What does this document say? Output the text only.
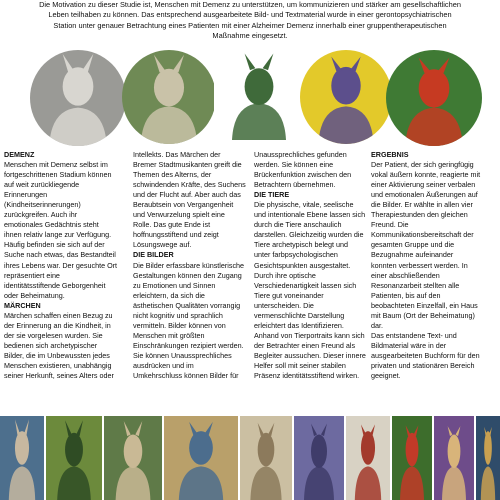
Die Motivation zu dieser Studie ist, Menschen mit Demenz zu unterstützen, um kommunizieren und stärker am gesellschaftlichen
Leben teilhaben zu können. Das entsprechend ausgearbeitete Bild- und Textmaterial wurde in einer gerontopsychiatrischen
Station unter genauer Betrachtung eines Patienten mit einer Alzheimer Demenz innerhalb einer gruppentherapeutischen
Maßnahme eingesetzt.

DEMENZ

Menschen mit Demenz selbst im

fortgeschrittenen Stadium können

auf weit zurückliegende

Erinnerungen

(Kindheitserinnerungen)

zurückgreifen. Auch ihr

emotionales Gedächtnis steht

ihnen relativ lange zur Verfügung.

Häufig befinden sie sich auf der

Suche nach etwas, das Bestandteil

ihres Lebens war. Der gesuchte Ort

repräsentiert eine

identitätsstiftende Geborgenheit

oder Beheimatung.

MÄRCHEN

Märchen schaffen einen Bezug zu

der Erinnerung an die Kindheit, in

der sie vorgelesen wurden. Sie

bedienen sich archetypischer

Bilder, die im Unbewussten jedes

Menschen existieren, unabhängig

seiner Herkunft, seines Alters oder

Intellekts. Das Märchen der

Bremer Stadtmusikanten greift die

Themen des Alterns, der

schwindenden Kräfte, des Suchens

und der Flucht auf. Aber auch das

Beraubtsein von Vergangenheit

und Verwurzelung spielt eine

Rolle. Das gute Ende ist

hoffnungsstiftend und zeigt

Lösungswege auf.

DIE BILDER

Die Bilder erfassbare künstlerische

Gestaltungen können den Zugang

zu Emotionen und Sinnen

erleichtern, da sich die

ästhetischen Qualitäten vorrangig

nicht kognitiv und sprachlich

vermitteln. Bilder können von

Menschen mit größten

Einschränkungen rezipiert werden.

Sie können Unaussprechliches

ausdrücken und im

Umkehrschluss können Bilder für

Unaussprechliches gefunden

werden. Sie können eine

Brückenfunktion zwischen den

Betrachtern übernehmen.

DIE TIERE

Die physische, vitale, seelische

und intentionale Ebene lassen sich

durch die Tiere anschaulich

darstellen. Gleichzeitig wurden die

Tiere archetypisch belegt und

unter farbpsychologischen

Gesichtspunkten ausgestaltet.

Durch ihre optische

Verschiedenartigkeit lassen sich

Tiere gut voneinander

unterscheiden. Die

vermenschlichte Darstellung

erleichtert das Identifizieren.

Anhand von Tierportraits kann sich

der Betrachter einen Freund als

Begleiter aussuchen. Dieser innere

Helfer soll mit seiner stabilen

Präsenz identitätsstiftend wirken.

ERGEBNIS

Der Patient, der sich geringfügig

vokal äußern konnte, reagierte mit

einer Aktivierung seiner verbalen

und emotionalen Äußerungen auf

die Bilder. Er wählte in allen vier

Therapiestunden den gleichen

Freund. Die

Kommunikationsbereitschaft der

gesamten Gruppe und die

Bezugnahme aufeinander

konnten verbessert werden. In

einer abschließenden

Resonanzarbeit stellten alle

Patienten, bis auf den

beobachteten Einzelfall, ein Haus

mit Baum (Ort der Beheimatung)

dar.

Das entstandene Text- und

Bildmaterial wäre in der

ausgearbeiteten Buchform für den

privaten und stationären Bereich

geeignet.
